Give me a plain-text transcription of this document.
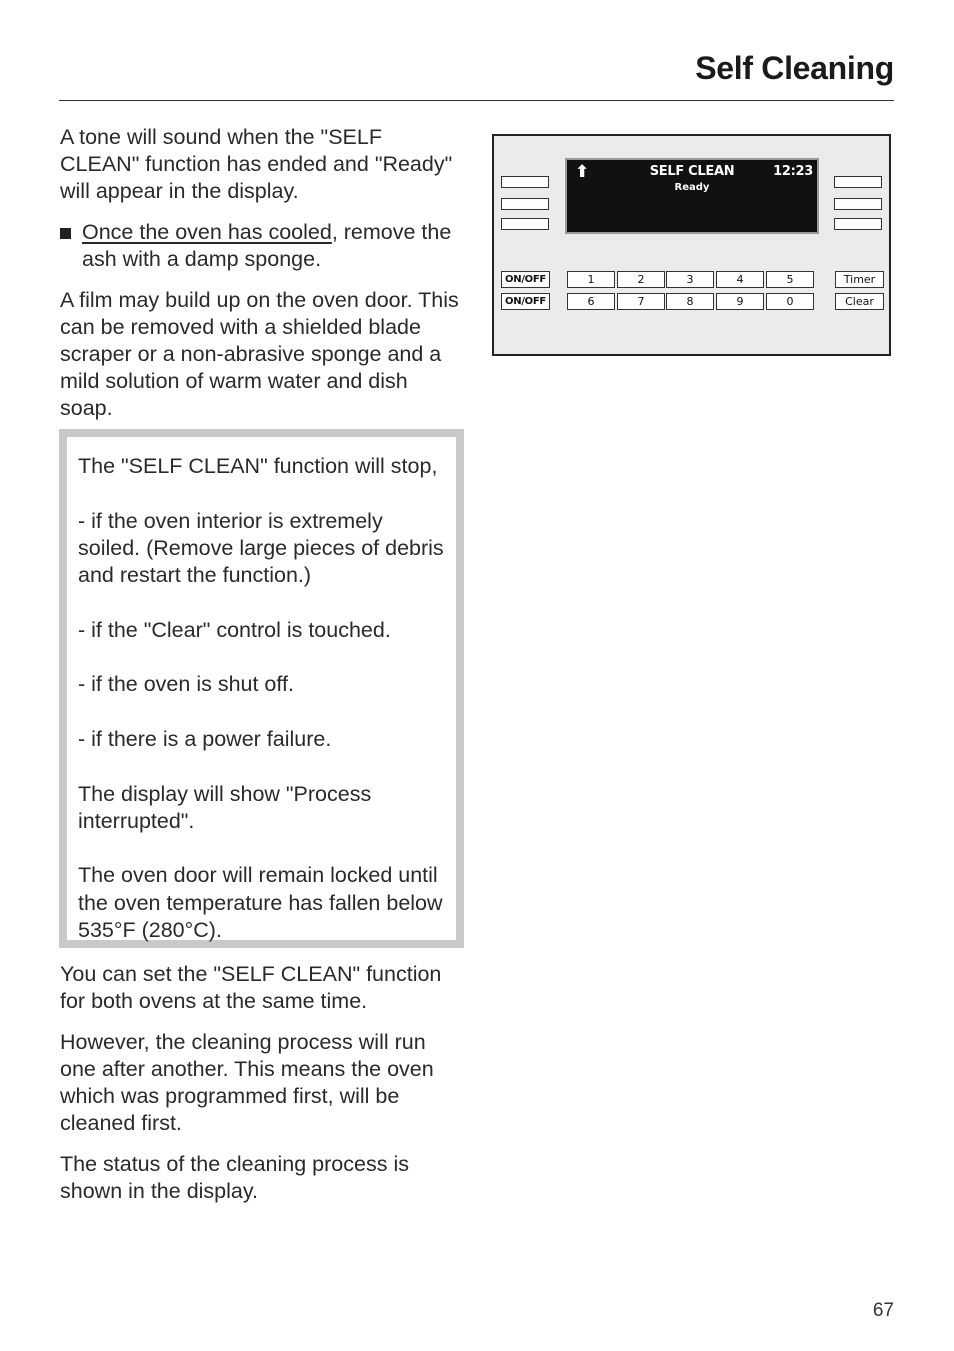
Self Cleaning

A tone will sound when the "SELF CLEAN" function has ended and "Ready" will appear in the display.

Once the oven has cooled, remove the ash with a damp sponge.

A film may build up on the oven door. This can be removed with a shielded blade scraper or a non-abrasive sponge and a mild solution of warm water and dish soap.

The "SELF CLEAN" function will stop,

- if the oven interior is extremely soiled. (Remove large pieces of debris and restart the function.)

- if the "Clear" control is touched.

- if the oven is shut off.

- if there is a power failure.

The display will show "Process interrupted".

The oven door will remain locked until the oven temperature has fallen below 535°F (280°C).

You can set the "SELF CLEAN" function for both ovens at the same time.

However, the cleaning process will run one after another. This means the oven which was programmed first, will be cleaned first.

The status of the cleaning process is shown in the display.

⬆	SELF CLEAN
Ready
12:23
ON/OFF
ON/OFF
1	2	3	4	5
6	7	8	9	0
Timer
Clear
67
